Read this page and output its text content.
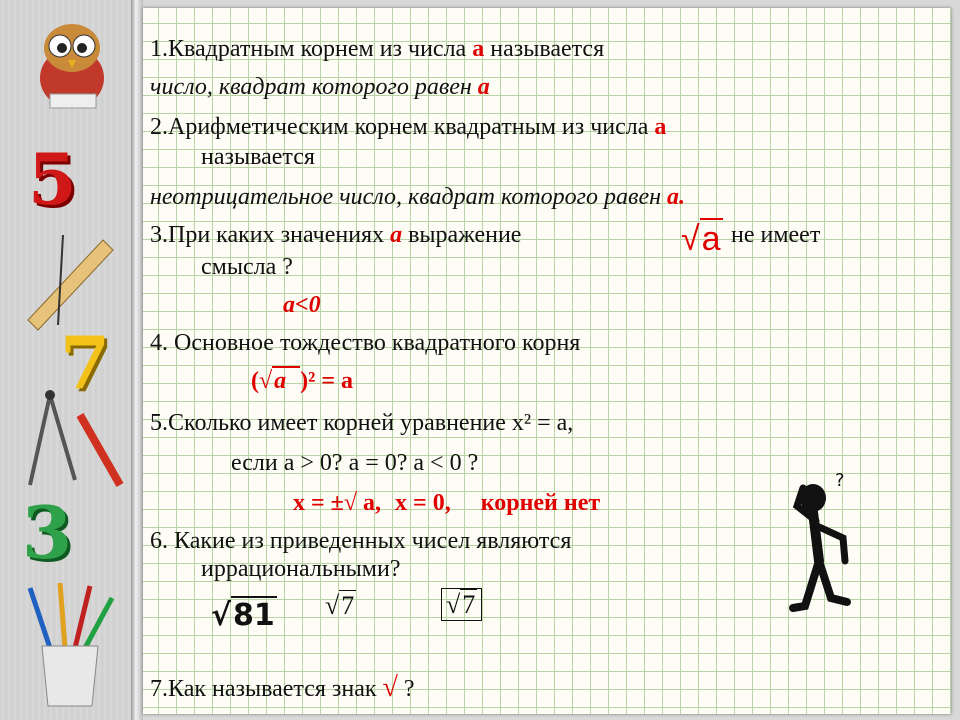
5
7
3
1.Квадратным корнем из числа а называется
число, квадрат которого равен а
2.Арифметическим корнем квадратным из числа а
называется
неотрицательное число, квадрат которого равен а.
3.При каких значениях а выражение	√a не имеет
смысла ?
а<0
4. Основное тождество квадратного корня
(√а )² = а
5.Сколько имеет корней уравнение х² = а,
если а > 0? а = 0? а < 0 ?
х = ±√ а, х = 0, корней нет
6. Какие из приведенных чисел являются
иррациональными?
√81 √7	√7
7.Как называется знак √ ?
?
